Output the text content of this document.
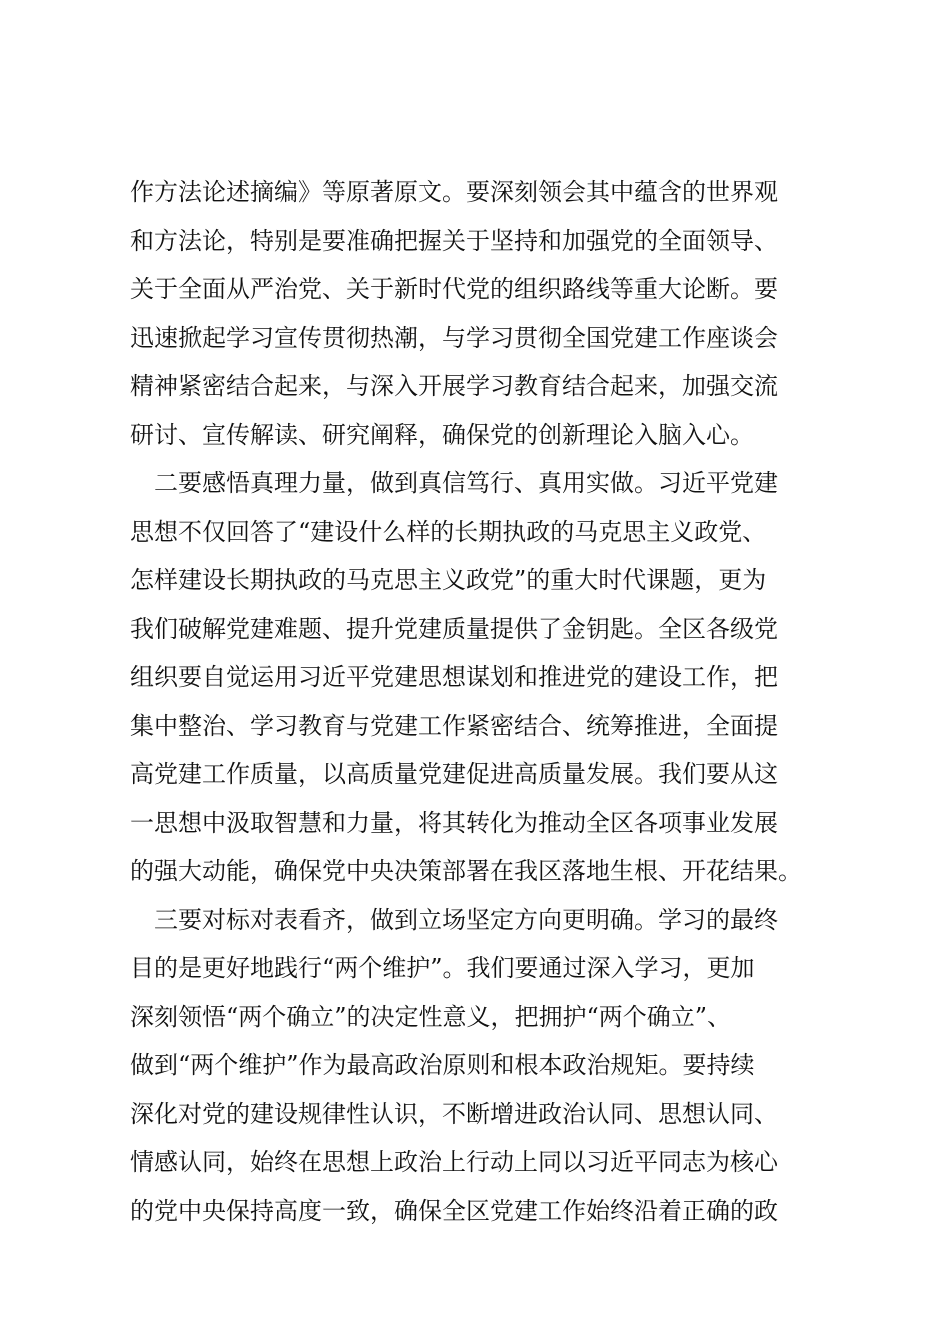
作方法论述摘编》等原著原文。要深刻领会其中蕴含的世界观
和方法论，特别是要准确把握关于坚持和加强党的全面领导、
关于全面从严治党、关于新时代党的组织路线等重大论断。要
迅速掀起学习宣传贯彻热潮，与学习贯彻全国党建工作座谈会
精神紧密结合起来，与深入开展学习教育结合起来，加强交流
研讨、宣传解读、研究阐释，确保党的创新理论入脑入心。
　二要感悟真理力量，做到真信笃行、真用实做。习近平党建
思想不仅回答了“建设什么样的长期执政的马克思主义政党、
怎样建设长期执政的马克思主义政党”的重大时代课题，更为
我们破解党建难题、提升党建质量提供了金钥匙。全区各级党
组织要自觉运用习近平党建思想谋划和推进党的建设工作，把
集中整治、学习教育与党建工作紧密结合、统筹推进，全面提
高党建工作质量，以高质量党建促进高质量发展。我们要从这
一思想中汲取智慧和力量，将其转化为推动全区各项事业发展
的强大动能，确保党中央决策部署在我区落地生根、开花结果。
　三要对标对表看齐，做到立场坚定方向更明确。学习的最终
目的是更好地践行“两个维护”。我们要通过深入学习，更加
深刻领悟“两个确立”的决定性意义，把拥护“两个确立”、
做到“两个维护”作为最高政治原则和根本政治规矩。要持续
深化对党的建设规律性认识，不断增进政治认同、思想认同、
情感认同，始终在思想上政治上行动上同以习近平同志为核心
的党中央保持高度一致，确保全区党建工作始终沿着正确的政
